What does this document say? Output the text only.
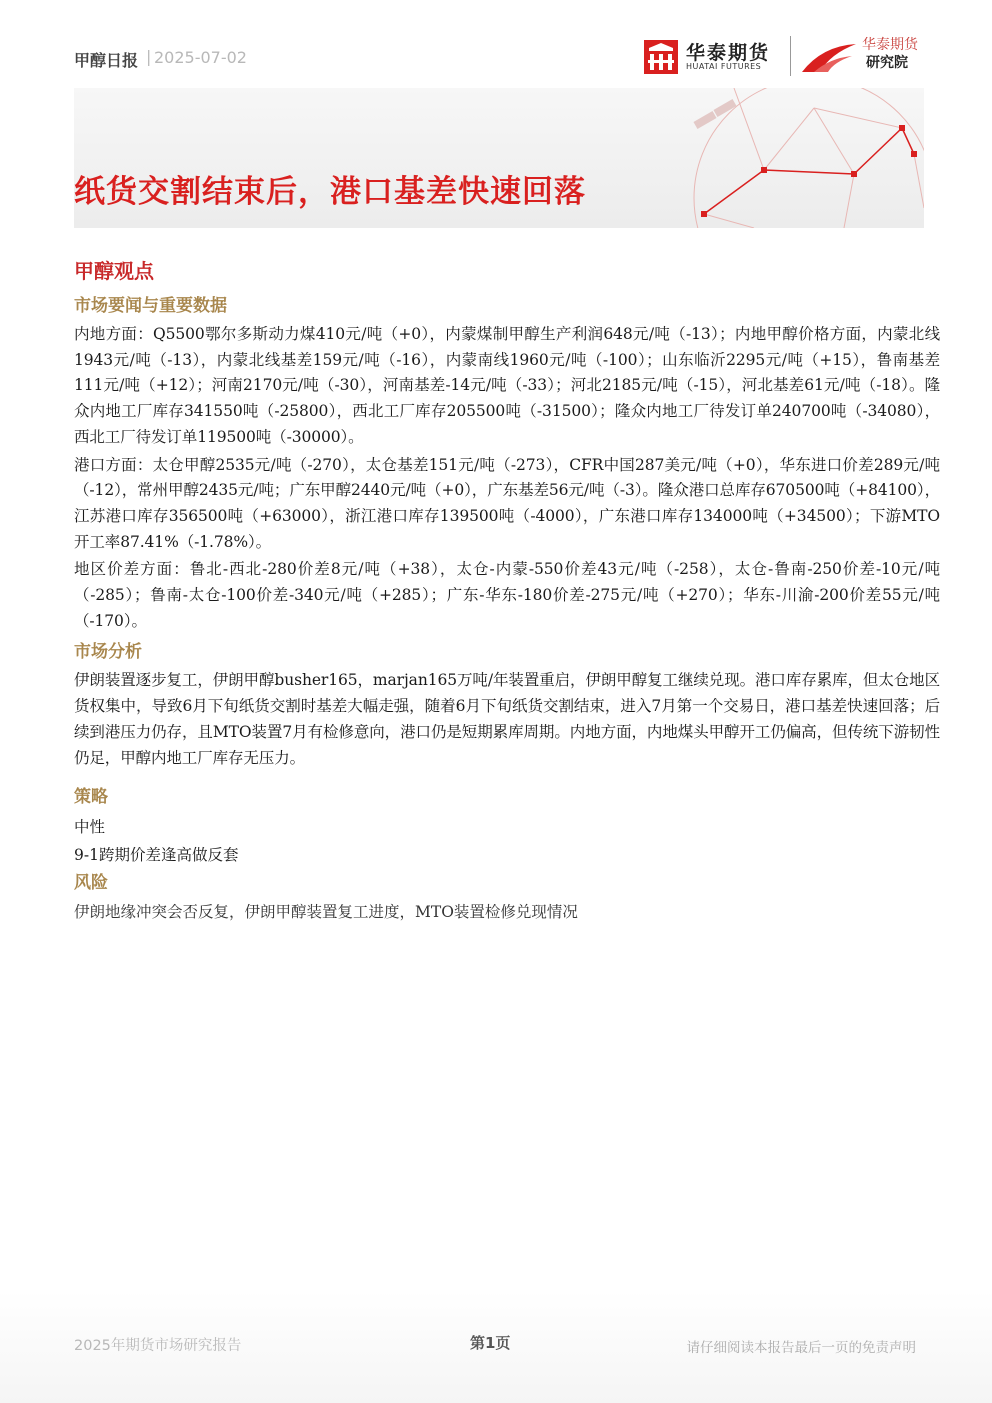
甲醇日报 | 2025-07-02	华泰期货
HUATAI FUTURES
华泰期货
研究院
纸货交割结束后，港口基差快速回落
甲醇观点
市场要闻与重要数据

内地方面：Q5500鄂尔多斯动力煤410元/吨（+0），内蒙煤制甲醇生产利润648元/吨（-13）；内地甲醇价格方面，内蒙北线1943元/吨（-13），内蒙北线基差159元/吨（-16），内蒙南线1960元/吨（-100）；山东临沂2295元/吨（+15），鲁南基差111元/吨（+12）；河南2170元/吨（-30），河南基差-14元/吨（-33）；河北2185元/吨（-15），河北基差61元/吨（-18）。隆众内地工厂库存341550吨（-25800），西北工厂库存205500吨（-31500）；隆众内地工厂待发订单240700吨（-34080），西北工厂待发订单119500吨（-30000）。

港口方面：太仓甲醇2535元/吨（-270），太仓基差151元/吨（-273），CFR中国287美元/吨（+0），华东进口价差289元/吨（-12），常州甲醇2435元/吨；广东甲醇2440元/吨（+0），广东基差56元/吨（-3）。隆众港口总库存670500吨（+84100），江苏港口库存356500吨（+63000），浙江港口库存139500吨（-4000），广东港口库存134000吨（+34500）；下游MTO开工率87.41%（-1.78%）。

地区价差方面：鲁北-西北-280价差8元/吨（+38），太仓-内蒙-550价差43元/吨（-258），太仓-鲁南-250价差-10元/吨（-285）；鲁南-太仓-100价差-340元/吨（+285）；广东-华东-180价差-275元/吨（+270）；华东-川渝-200价差55元/吨（-170）。

市场分析

伊朗装置逐步复工，伊朗甲醇busher165，marjan165万吨/年装置重启，伊朗甲醇复工继续兑现。港口库存累库，但太仓地区货权集中，导致6月下旬纸货交割时基差大幅走强，随着6月下旬纸货交割结束，进入7月第一个交易日，港口基差快速回落；后续到港压力仍存，且MTO装置7月有检修意向，港口仍是短期累库周期。内地方面，内地煤头甲醇开工仍偏高，但传统下游韧性仍足，甲醇内地工厂库存无压力。

策略

中性

9-1跨期价差逢高做反套

风险

伊朗地缘冲突会否反复，伊朗甲醇装置复工进度，MTO装置检修兑现情况

2025年期货市场研究报告	第1页	请仔细阅读本报告最后一页的免责声明
